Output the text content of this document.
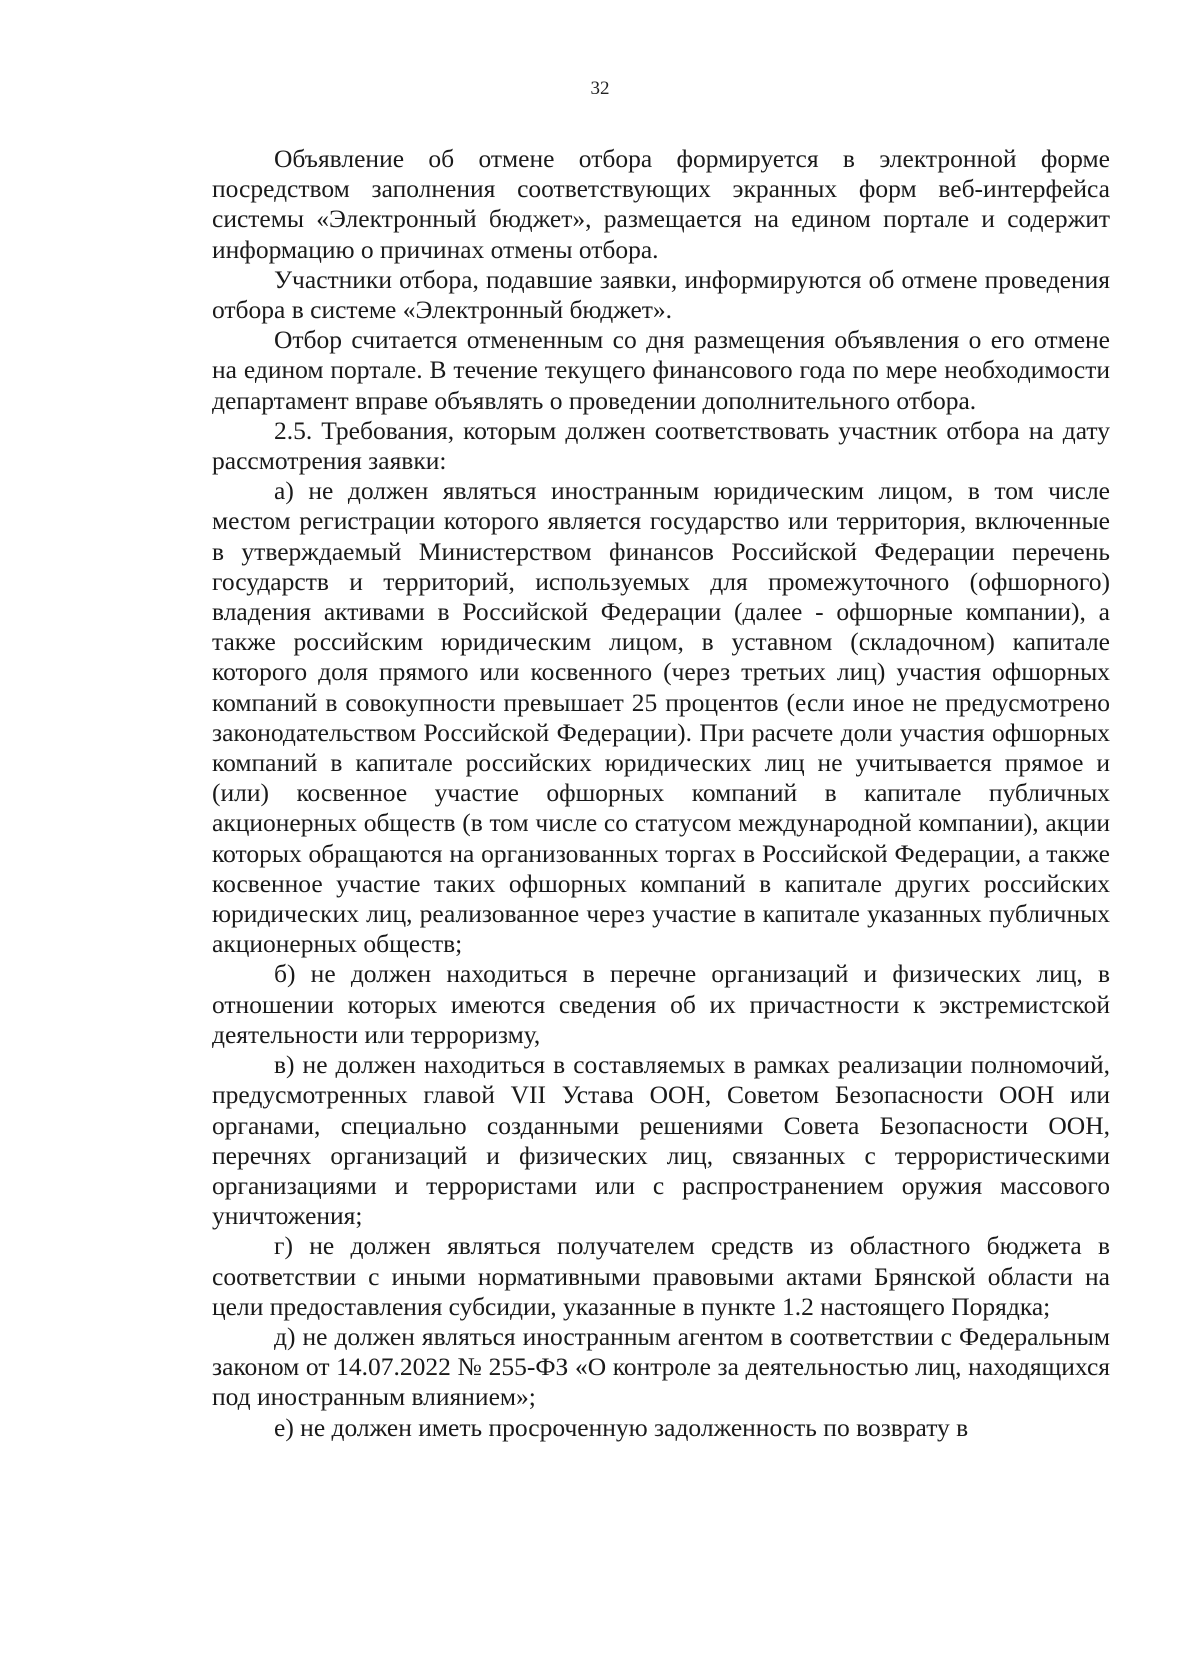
32

Объявление об отмене отбора формируется в электронной форме посредством заполнения соответствующих экранных форм веб-интерфейса системы «Электронный бюджет», размещается на едином портале и содержит информацию о причинах отмены отбора.

Участники отбора, подавшие заявки, информируются об отмене проведения отбора в системе «Электронный бюджет».

Отбор считается отмененным со дня размещения объявления о его отмене на едином портале. В течение текущего финансового года по мере необходимости департамент вправе объявлять о проведении дополнительного отбора.

2.5. Требования, которым должен соответствовать участник отбора на дату рассмотрения заявки:

а) не должен являться иностранным юридическим лицом, в том числе местом регистрации которого является государство или территория, включенные в утверждаемый Министерством финансов Российской Федерации перечень государств и территорий, используемых для промежуточного (офшорного) владения активами в Российской Федерации (далее - офшорные компании), а также российским юридическим лицом, в уставном (складочном) капитале которого доля прямого или косвенного (через третьих лиц) участия офшорных компаний в совокупности превышает 25 процентов (если иное не предусмотрено законодательством Российской Федерации). При расчете доли участия офшорных компаний в капитале российских юридических лиц не учитывается прямое и (или) косвенное участие офшорных компаний в капитале публичных акционерных обществ (в том числе со статусом международной компании), акции которых обращаются на организованных торгах в Российской Федерации, а также косвенное участие таких офшорных компаний в капитале других российских юридических лиц, реализованное через участие в капитале указанных публичных акционерных обществ;

б) не должен находиться в перечне организаций и физических лиц, в отношении которых имеются сведения об их причастности к экстремистской деятельности или терроризму,

в) не должен находиться в составляемых в рамках реализации полномочий, предусмотренных главой VII Устава ООН, Советом Безопасности ООН или органами, специально созданными решениями Совета Безопасности ООН, перечнях организаций и физических лиц, связанных с террористическими организациями и террористами или с распространением оружия массового уничтожения;

г) не должен являться получателем средств из областного бюджета в соответствии с иными нормативными правовыми актами Брянской области на цели предоставления субсидии, указанные в пункте 1.2 настоящего Порядка;

д) не должен являться иностранным агентом в соответствии с Федеральным законом от 14.07.2022 № 255-ФЗ «О контроле за деятельностью лиц, находящихся под иностранным влиянием»;

е) не должен иметь просроченную задолженность по возврату в
